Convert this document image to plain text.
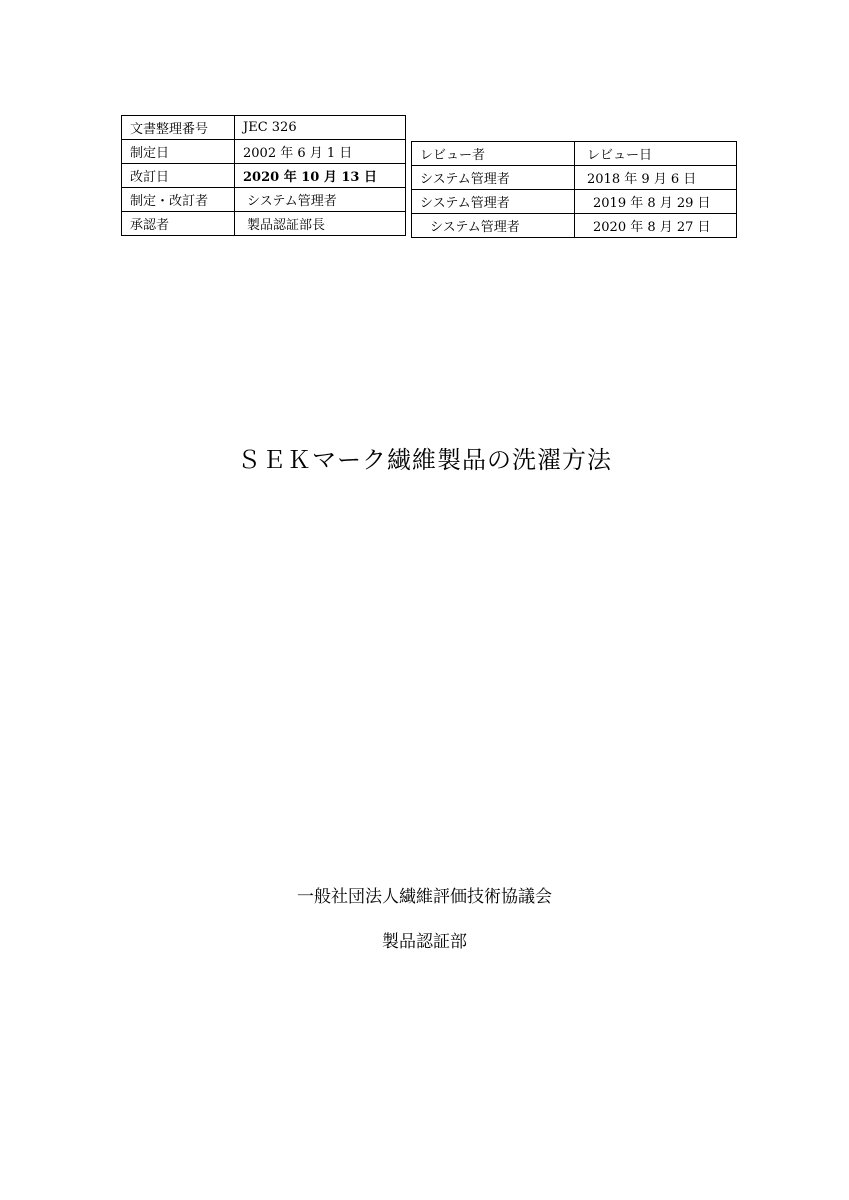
文書整理番号	JEC 326
制定日	2002 年 6 月 1 日
改訂日	2020 年 10 月 13 日
制定・改訂者	システム管理者
承認者	製品認証部長
レビュー者	レビュー日
システム管理者	2018 年 9 月 6 日
システム管理者	2019 年 8 月 29 日
システム管理者	2020 年 8 月 27 日
ＳＥＫマーク繊維製品の洗濯方法
一般社団法人繊維評価技術協議会
製品認証部
